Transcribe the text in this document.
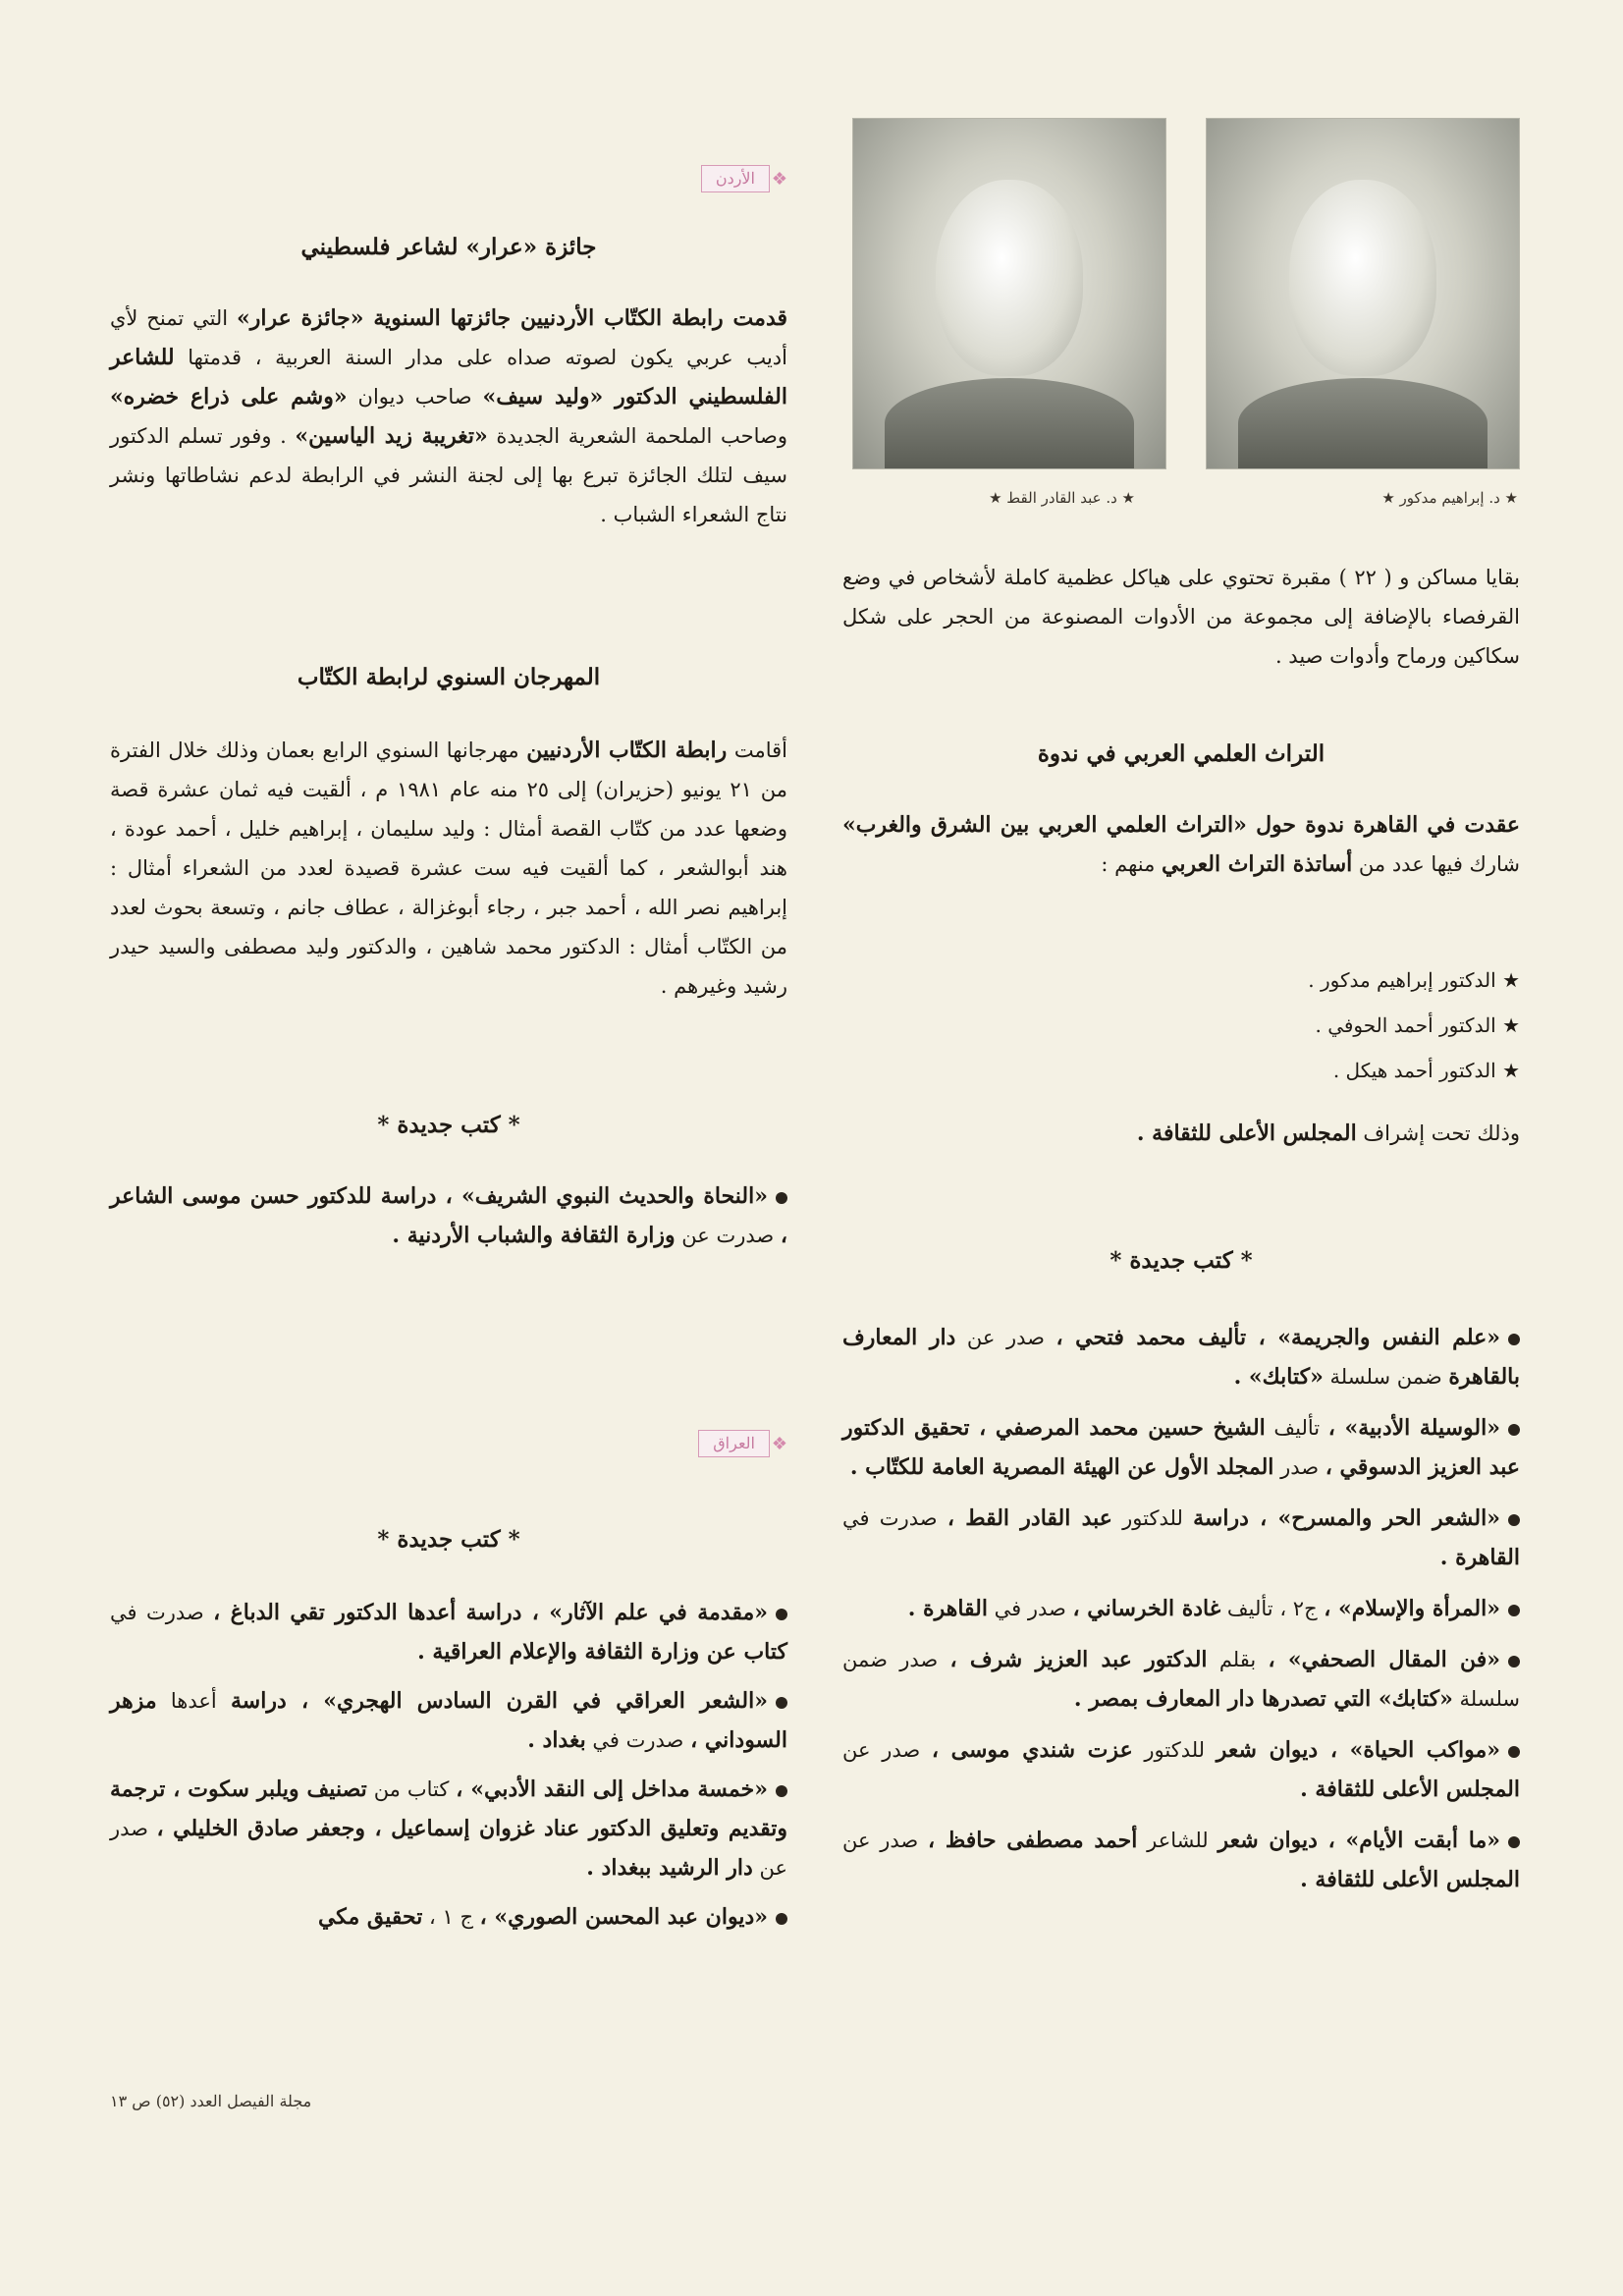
★ د. إبراهيم مدكور ★
★ د. عبد القادر القط ★
بقايا مساكن و ( ٢٢ ) مقبرة تحتوي على هياكل عظمية كاملة لأشخاص في وضع القرفصاء بالإضافة إلى مجموعة من الأدوات المصنوعة من الحجر على شكل سكاكين ورماح وأدوات صيد .
التراث العلمي العربي في ندوة
عقدت في القاهرة ندوة حول «التراث العلمي العربي بين الشرق والغرب» شارك فيها عدد من أساتذة التراث العربي منهم :
★ الدكتور إبراهيم مدكور .
★ الدكتور أحمد الحوفي .
★ الدكتور أحمد هيكل .
وذلك تحت إشراف المجلس الأعلى للثقافة .
* كتب جديدة *
«علم النفس والجريمة» ، تأليف محمد فتحي ، صدر عن دار المعارف بالقاهرة ضمن سلسلة «كتابك» .
«الوسيلة الأدبية» ، تأليف الشيخ حسين محمد المرصفي ، تحقيق الدكتور عبد العزيز الدسوقي ، صدر المجلد الأول عن الهيئة المصرية العامة للكتّاب .
«الشعر الحر والمسرح» ، دراسة للدكتور عبد القادر القط ، صدرت في القاهرة .
«المرأة والإسلام» ، ج٢ ، تأليف غادة الخرساني ، صدر في القاهرة .
«فن المقال الصحفي» ، بقلم الدكتور عبد العزيز شرف ، صدر ضمن سلسلة «كتابك» التي تصدرها دار المعارف بمصر .
«مواكب الحياة» ، ديوان شعر للدكتور عزت شندي موسى ، صدر عن المجلس الأعلى للثقافة .
«ما أبقت الأيام» ، ديوان شعر للشاعر أحمد مصطفى حافظ ، صدر عن المجلس الأعلى للثقافة .
الأردن ❖
جائزة «عرار» لشاعر فلسطيني
قدمت رابطة الكتّاب الأردنيين جائزتها السنوية «جائزة عرار» التي تمنح لأي أديب عربي يكون لصوته صداه على مدار السنة العربية ، قدمتها للشاعر الفلسطيني الدكتور «وليد سيف» صاحب ديوان «وشم على ذراع خضره» وصاحب الملحمة الشعرية الجديدة «تغريبة زيد الياسين» . وفور تسلم الدكتور سيف لتلك الجائزة تبرع بها إلى لجنة النشر في الرابطة لدعم نشاطاتها ونشر نتاج الشعراء الشباب .
المهرجان السنوي لرابطة الكتّاب
أقامت رابطة الكتّاب الأردنيين مهرجانها السنوي الرابع بعمان وذلك خلال الفترة من ٢١ يونيو (حزيران) إلى ٢٥ منه عام ١٩٨١ م ، ألقيت فيه ثمان عشرة قصة وضعها عدد من كتّاب القصة أمثال : وليد سليمان ، إبراهيم خليل ، أحمد عودة ، هند أبوالشعر ، كما ألقيت فيه ست عشرة قصيدة لعدد من الشعراء أمثال : إبراهيم نصر الله ، أحمد جبر ، رجاء أبوغزالة ، عطاف جانم ، وتسعة بحوث لعدد من الكتّاب أمثال : الدكتور محمد شاهين ، والدكتور وليد مصطفى والسيد حيدر رشيد وغيرهم .
* كتب جديدة *
«النحاة والحديث النبوي الشريف» ، دراسة للدكتور حسن موسى الشاعر ، صدرت عن وزارة الثقافة والشباب الأردنية .
العراق ❖
* كتب جديدة *
«مقدمة في علم الآثار» ، دراسة أعدها الدكتور تقي الدباغ ، صدرت في كتاب عن وزارة الثقافة والإعلام العراقية .
«الشعر العراقي في القرن السادس الهجري» ، دراسة أعدها مزهر السوداني ، صدرت في بغداد .
«خمسة مداخل إلى النقد الأدبي» ، كتاب من تصنيف ويلبر سكوت ، ترجمة وتقديم وتعليق الدكتور عناد غزوان إسماعيل ، وجعفر صادق الخليلي ، صدر عن دار الرشيد ببغداد .
«ديوان عبد المحسن الصوري» ، ج ١ ، تحقيق مكي
مجلة الفيصل العدد (٥٢) ص ١٣
